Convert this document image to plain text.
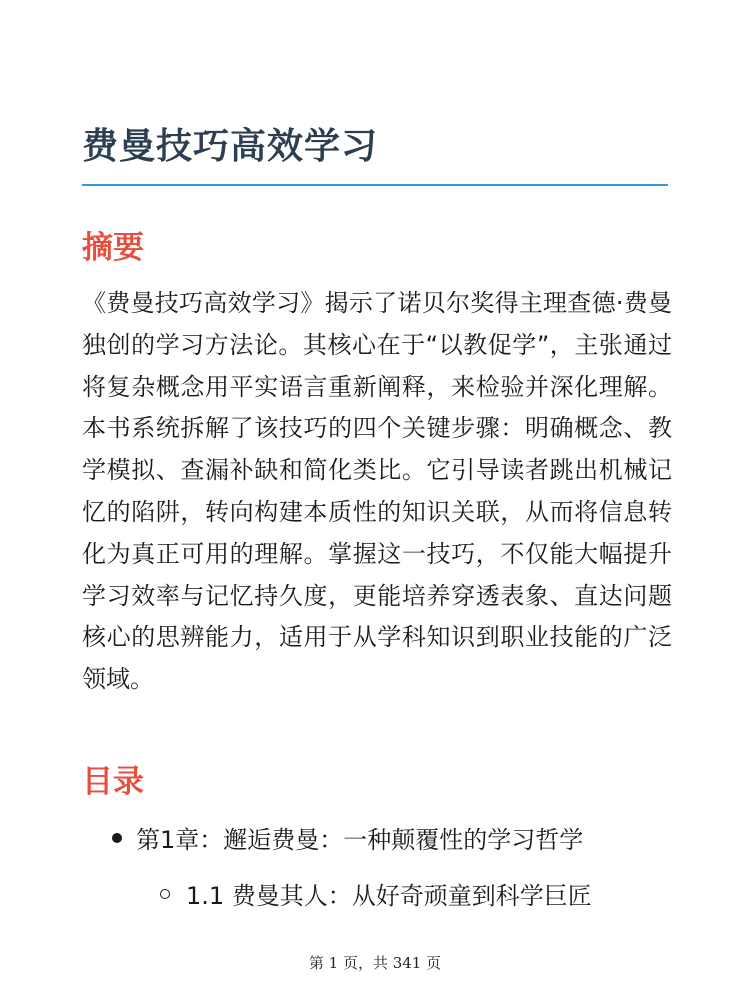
费曼技巧高效学习
摘要

《费曼技巧高效学习》揭示了诺贝尔奖得主理查德·费曼独创的学习方法论。其核心在于“以教促学”，主张通过将复杂概念用平实语言重新阐释，来检验并深化理解。本书系统拆解了该技巧的四个关键步骤：明确概念、教学模拟、查漏补缺和简化类比。它引导读者跳出机械记忆的陷阱，转向构建本质性的知识关联，从而将信息转化为真正可用的理解。掌握这一技巧，不仅能大幅提升学习效率与记忆持久度，更能培养穿透表象、直达问题核心的思辨能力，适用于从学科知识到职业技能的广泛领域。

目录
第1章：邂逅费曼：一种颠覆性的学习哲学
1.1 费曼其人：从好奇顽童到科学巨匠
第 1 页，共 341 页
